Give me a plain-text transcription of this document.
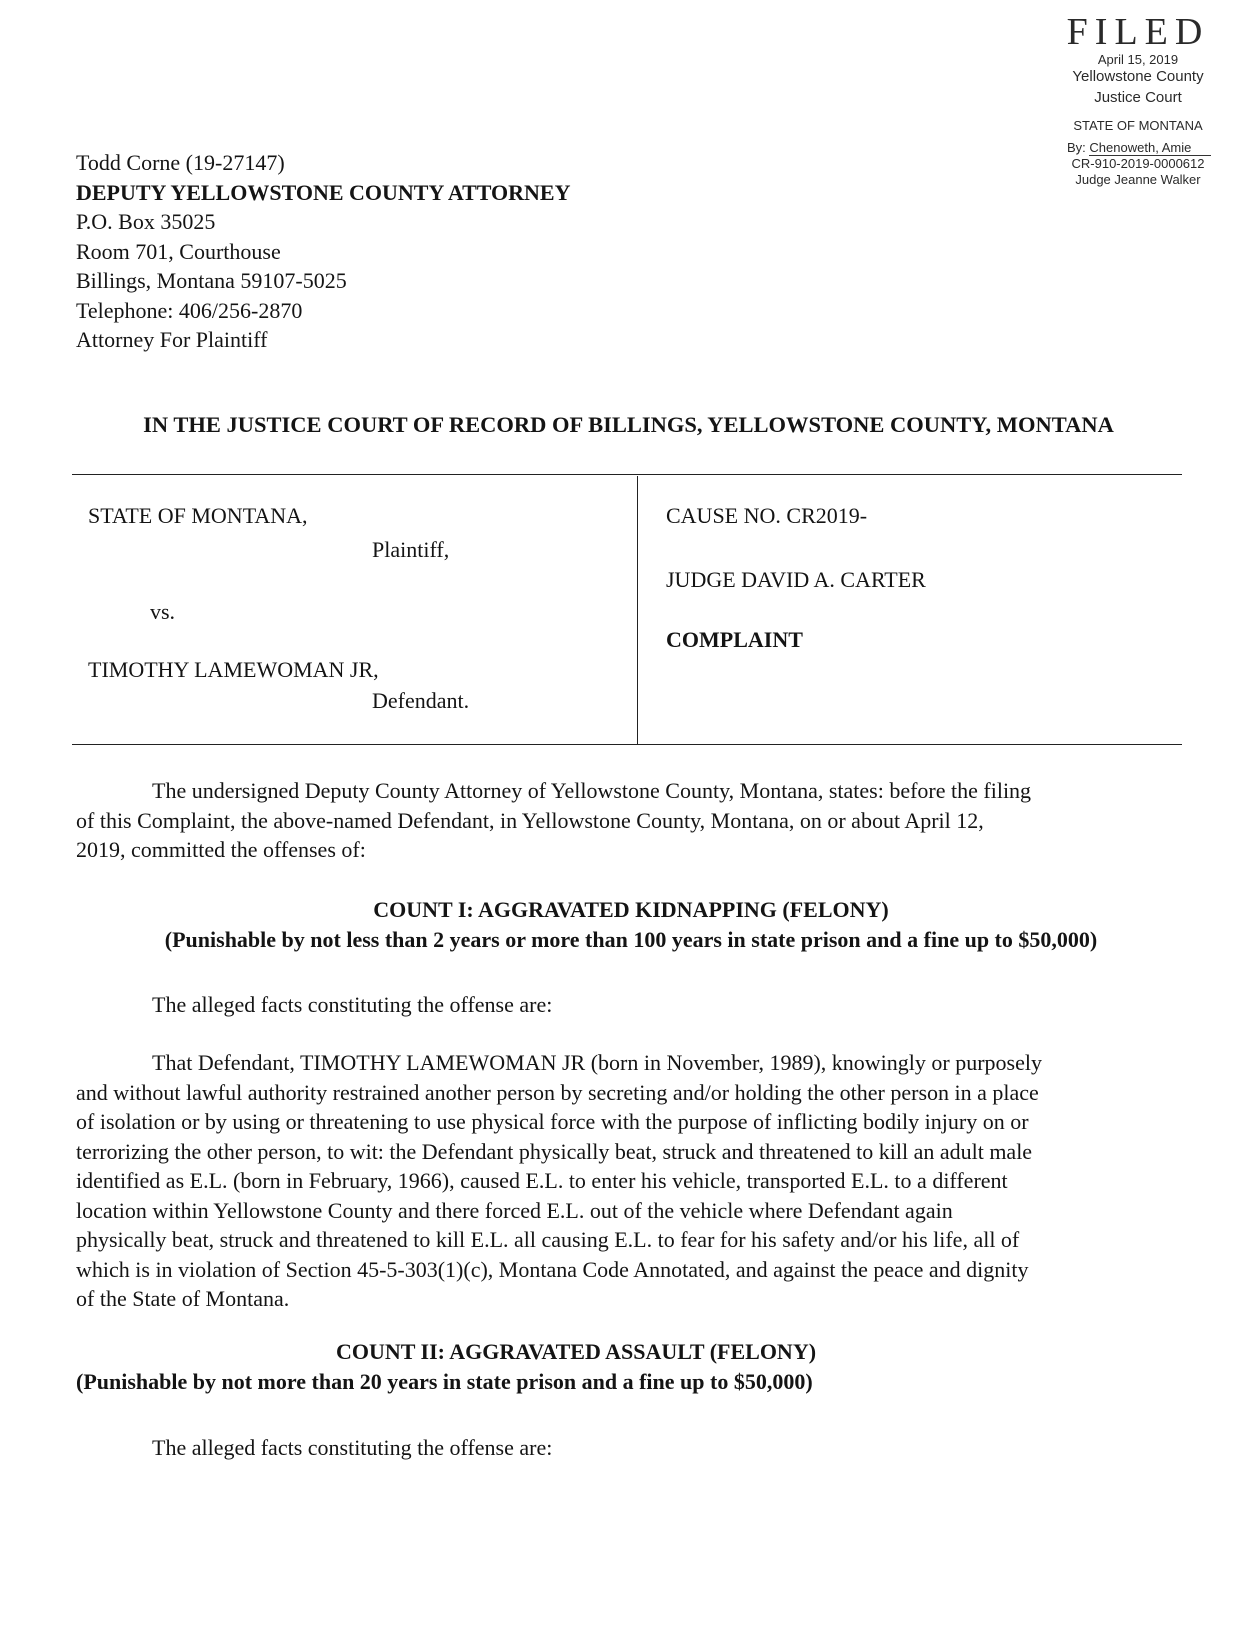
FILED
April 15, 2019
Yellowstone County
Justice Court
STATE OF MONTANA
By: Chenoweth, Amie
CR-910-2019-0000612
Judge Jeanne Walker
Todd Corne (19-27147)
DEPUTY YELLOWSTONE COUNTY ATTORNEY
P.O. Box 35025
Room 701, Courthouse
Billings, Montana 59107-5025
Telephone: 406/256-2870
Attorney For Plaintiff
IN THE JUSTICE COURT OF RECORD OF BILLINGS, YELLOWSTONE COUNTY, MONTANA
STATE OF MONTANA,
Plaintiff,
vs.
TIMOTHY LAMEWOMAN JR,
Defendant.
CAUSE NO. CR2019-
JUDGE DAVID A. CARTER
COMPLAINT
The undersigned Deputy County Attorney of Yellowstone County, Montana, states: before the filing
of this Complaint, the above-named Defendant, in Yellowstone County, Montana, on or about April 12,
2019, committed the offenses of:
COUNT I: AGGRAVATED KIDNAPPING (FELONY)
(Punishable by not less than 2 years or more than 100 years in state prison and a fine up to $50,000)
The alleged facts constituting the offense are:
That Defendant, TIMOTHY LAMEWOMAN JR (born in November, 1989), knowingly or purposely
and without lawful authority restrained another person by secreting and/or holding the other person in a place
of isolation or by using or threatening to use physical force with the purpose of inflicting bodily injury on or
terrorizing the other person, to wit: the Defendant physically beat, struck and threatened to kill an adult male
identified as E.L. (born in February, 1966), caused E.L. to enter his vehicle, transported E.L. to a different
location within Yellowstone County and there forced E.L. out of the vehicle where Defendant again
physically beat, struck and threatened to kill E.L. all causing E.L. to fear for his safety and/or his life, all of
which is in violation of Section 45-5-303(1)(c), Montana Code Annotated, and against the peace and dignity
of the State of Montana.
COUNT II: AGGRAVATED ASSAULT (FELONY)
(Punishable by not more than 20 years in state prison and a fine up to $50,000)
The alleged facts constituting the offense are:
